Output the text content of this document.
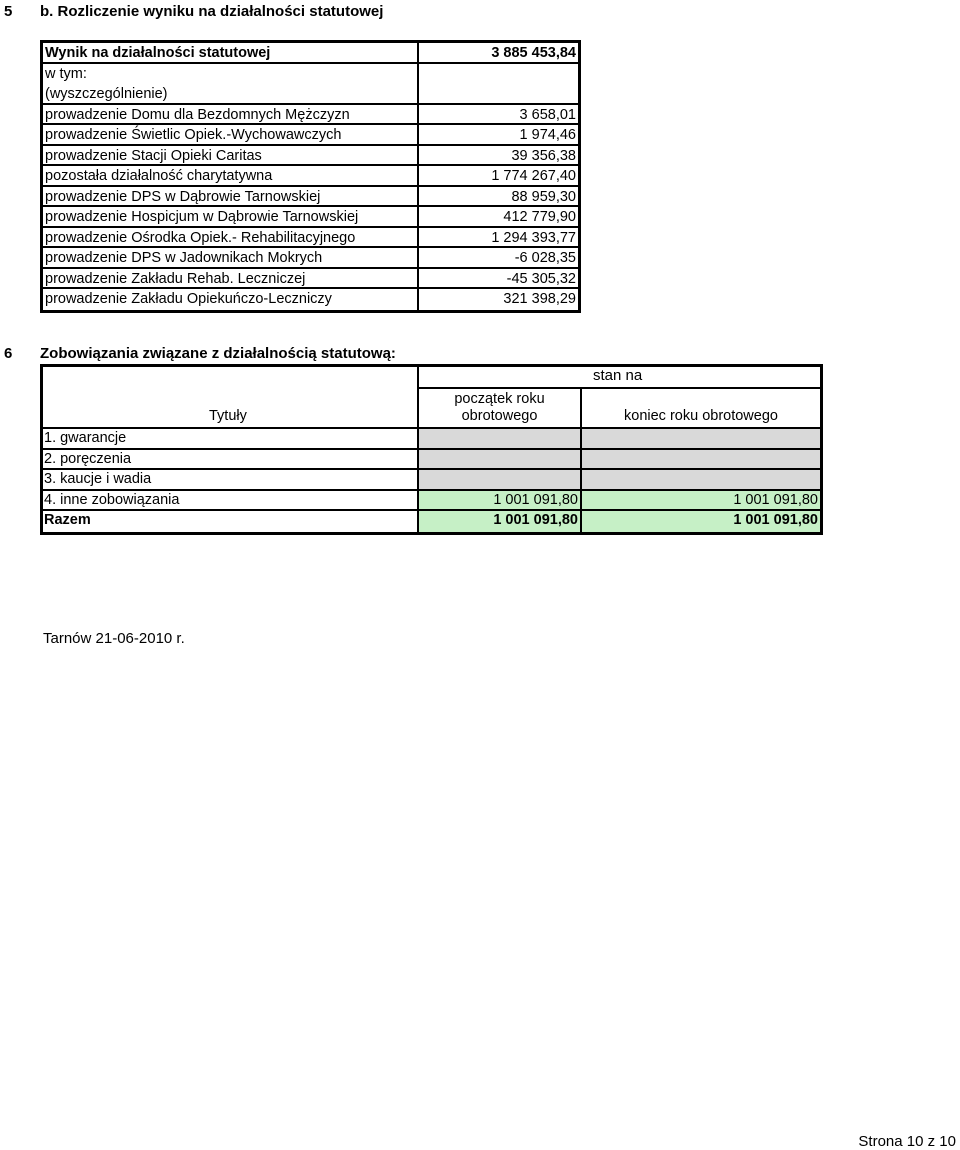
5 b. Rozliczenie wyniku na działalności statutowej
Wynik na działalności statutowej	3 885 453,84
w tym:
(wyszczególnienie)
prowadzenie Domu dla Bezdomnych Mężczyzn	3 658,01
prowadzenie Świetlic Opiek.-Wychowawczych	1 974,46
prowadzenie Stacji Opieki Caritas	39 356,38
pozostała działalność charytatywna	1 774 267,40
prowadzenie DPS w Dąbrowie Tarnowskiej	88 959,30
prowadzenie Hospicjum w Dąbrowie Tarnowskiej	412 779,90
prowadzenie Ośrodka Opiek.- Rehabilitacyjnego	1 294 393,77
prowadzenie DPS w Jadownikach Mokrych	-6 028,35
prowadzenie Zakładu Rehab. Leczniczej	-45 305,32
prowadzenie Zakładu Opiekuńczo-Leczniczy	321 398,29
6 Zobowiązania związane z działalnością statutową:
Tytuły
stan na
początek roku
obrotowego	koniec roku obrotowego
1. gwarancje
2. poręczenia
3. kaucje i wadia
4. inne zobowiązania	1 001 091,80	1 001 091,80
Razem	1 001 091,80	1 001 091,80
Tarnów 21-06-2010 r.
Strona 10 z 10
